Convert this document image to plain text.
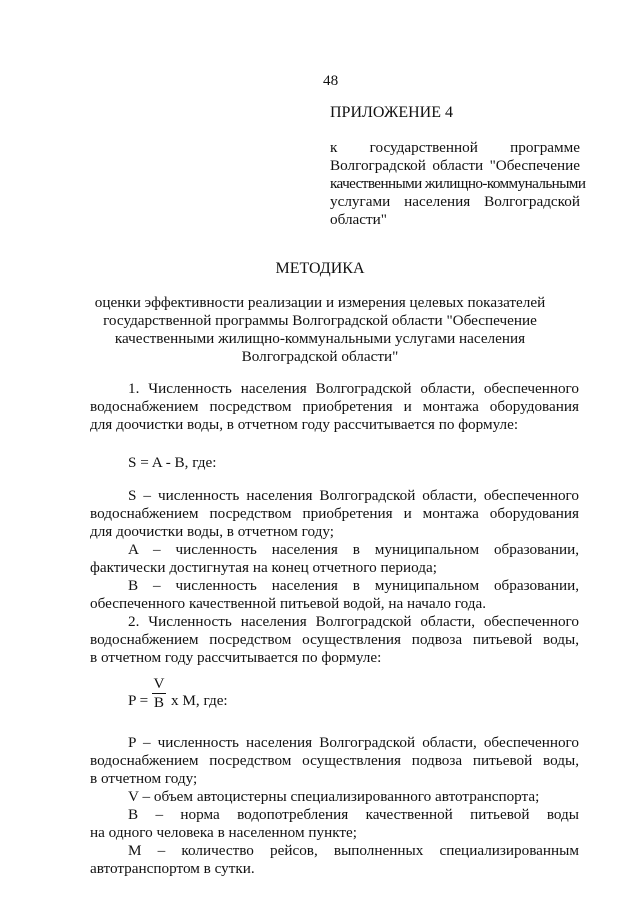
48
ПРИЛОЖЕНИЕ 4
к государственной программе
Волгоградской области "Обеспечение
качественными жилищно-коммунальными
услугами населения Волгоградской
области"
МЕТОДИКА
оценки эффективности реализации и измерения целевых показателей
государственной программы Волгоградской области "Обеспечение
качественными жилищно-коммунальными услугами населения
Волгоградской области"
1. Численность населения Волгоградской области, обеспеченного
водоснабжением посредством приобретения и монтажа оборудования
для доочистки воды, в отчетном году рассчитывается по формуле:
S = A - B, где:
S – численность населения Волгоградской области, обеспеченного
водоснабжением посредством приобретения и монтажа оборудования
для доочистки воды, в отчетном году;
A – численность населения в муниципальном образовании,
фактически достигнутая на конец отчетного периода;
B – численность населения в муниципальном образовании,
обеспеченного качественной питьевой водой, на начало года.
2. Численность населения Волгоградской области, обеспеченного
водоснабжением посредством осуществления подвоза питьевой воды,
в отчетном году рассчитывается по формуле:
P =
V
B x M, где:
P – численность населения Волгоградской области, обеспеченного
водоснабжением посредством осуществления подвоза питьевой воды,
в отчетном году;
V – объем автоцистерны специализированного автотранспорта;
B – норма водопотребления качественной питьевой воды
на одного человека в населенном пункте;
M – количество рейсов, выполненных специализированным
автотранспортом в сутки.
